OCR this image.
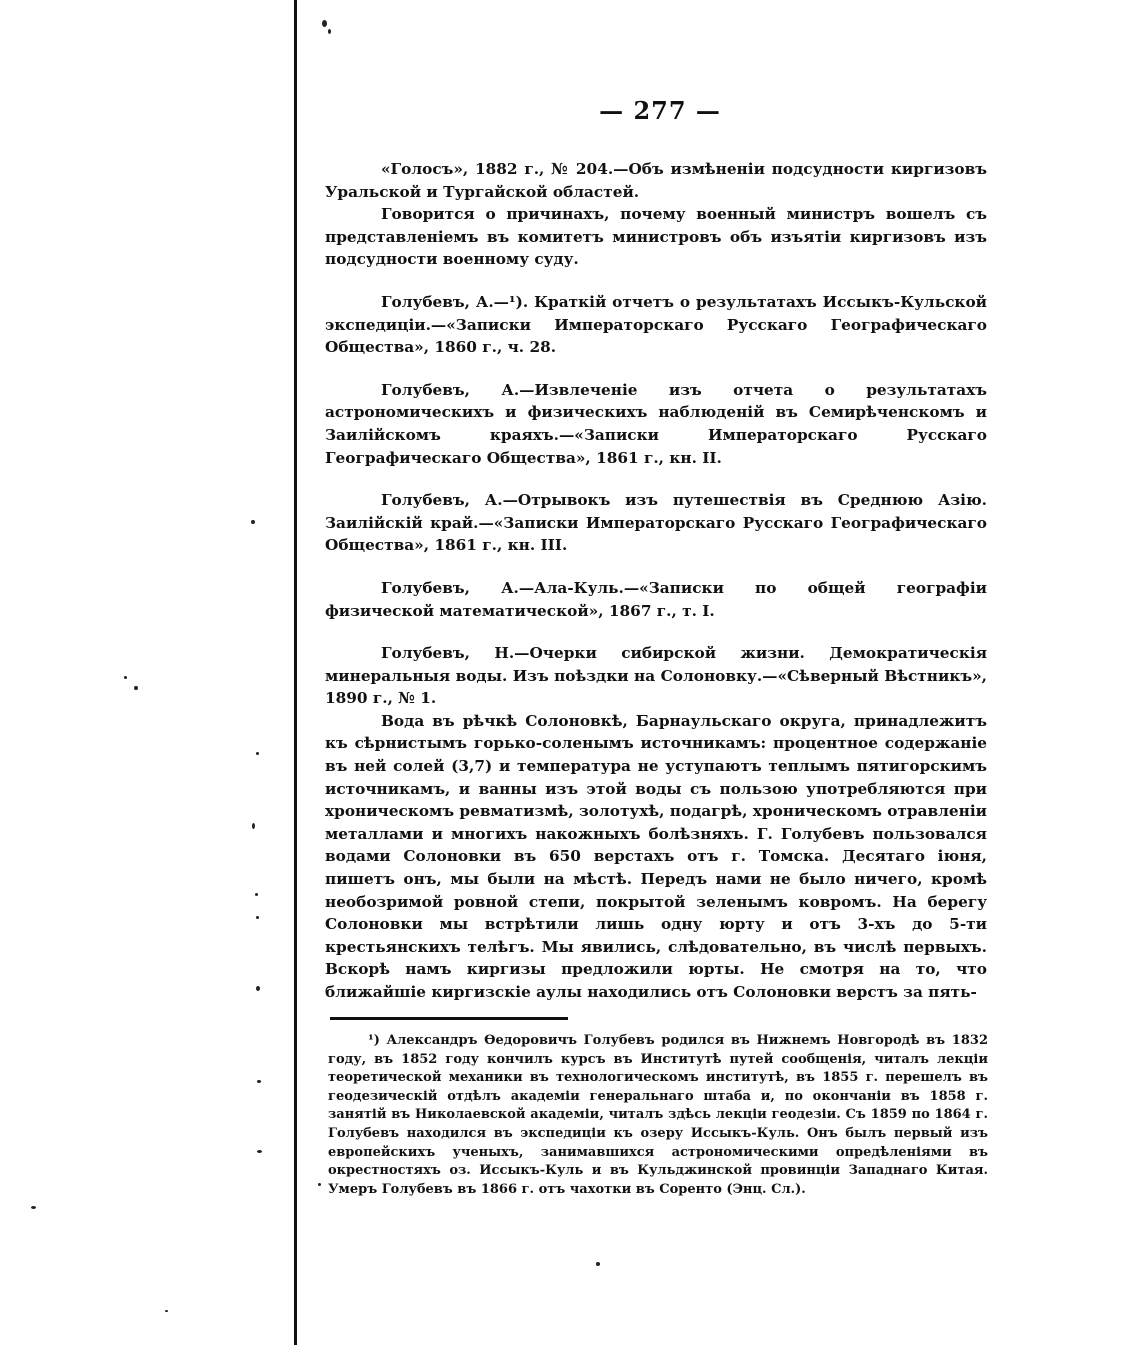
— 277 —

«Голосъ», 1882 г., № 204.—Объ измѣненіи подсудности киргизовъ Уральской и Тургайской областей.

Говорится о причинахъ, почему военный министръ вошелъ съ представленіемъ въ комитетъ министровъ объ изъятіи киргизовъ изъ подсудности военному суду.

Голубевъ, А.—¹). Краткій отчетъ о результатахъ Иссыкъ-Кульской экспедиціи.—«Записки Императорскаго Русскаго Географическаго Общества», 1860 г., ч. 28.

Голубевъ, А.—Извлеченіе изъ отчета о результатахъ астрономическихъ и физическихъ наблюденій въ Семирѣченскомъ и Заилійскомъ краяхъ.—«Записки Императорскаго Русскаго Географическаго Общества», 1861 г., кн. II.

Голубевъ, А.—Отрывокъ изъ путешествія въ Среднюю Азію. Заилійскій край.—«Записки Императорскаго Русскаго Географическаго Общества», 1861 г., кн. III.

Голубевъ, А.—Ала-Куль.—«Записки по общей географіи физической математической», 1867 г., т. I.

Голубевъ, Н.—Очерки сибирской жизни. Демократическія минеральныя воды. Изъ поѣздки на Солоновку.—«Сѣверный Вѣстникъ», 1890 г., № 1.

Вода въ рѣчкѣ Солоновкѣ, Барнаульскаго округа, принадлежитъ къ сѣрнистымъ горько-соленымъ источникамъ: процентное содержаніе въ ней солей (3,7) и температура не уступаютъ теплымъ пятигорскимъ источникамъ, и ванны изъ этой воды съ пользою употребляются при хроническомъ ревматизмѣ, золотухѣ, подагрѣ, хроническомъ отравленіи металлами и многихъ накожныхъ болѣзняхъ. Г. Голубевъ пользовался водами Солоновки въ 650 верстахъ отъ г. Томска. Десятаго іюня, пишетъ онъ, мы были на мѣстѣ. Передъ нами не было ничего, кромѣ необозримой ровной степи, покрытой зеленымъ ковромъ. На берегу Солоновки мы встрѣтили лишь одну юрту и отъ 3-хъ до 5-ти крестьянскихъ телѣгъ. Мы явились, слѣдовательно, въ числѣ первыхъ. Вскорѣ намъ киргизы предложили юрты. Не смотря на то, что ближайшіе киргизскіе аулы находились отъ Солоновки верстъ за пять-

¹) Александръ Ѳедоровичъ Голубевъ родился въ Нижнемъ Новгородѣ въ 1832 году, въ 1852 году кончилъ курсъ въ Институтѣ путей сообщенія, читалъ лекціи теоретической механики въ технологическомъ институтѣ, въ 1855 г. перешелъ въ геодезическій отдѣлъ академіи генеральнаго штаба и, по окончаніи въ 1858 г. занятій въ Николаевской академіи, читалъ здѣсь лекціи геодезіи. Съ 1859 по 1864 г. Голубевъ находился въ экспедиціи къ озеру Иссыкъ-Куль. Онъ былъ первый изъ европейскихъ ученыхъ, занимавшихся астрономическими опредѣленіями въ окрестностяхъ оз. Иссыкъ-Куль и въ Кульджинской провинціи Западнаго Китая. Умеръ Голубевъ въ 1866 г. отъ чахотки въ Соренто (Энц. Сл.).
